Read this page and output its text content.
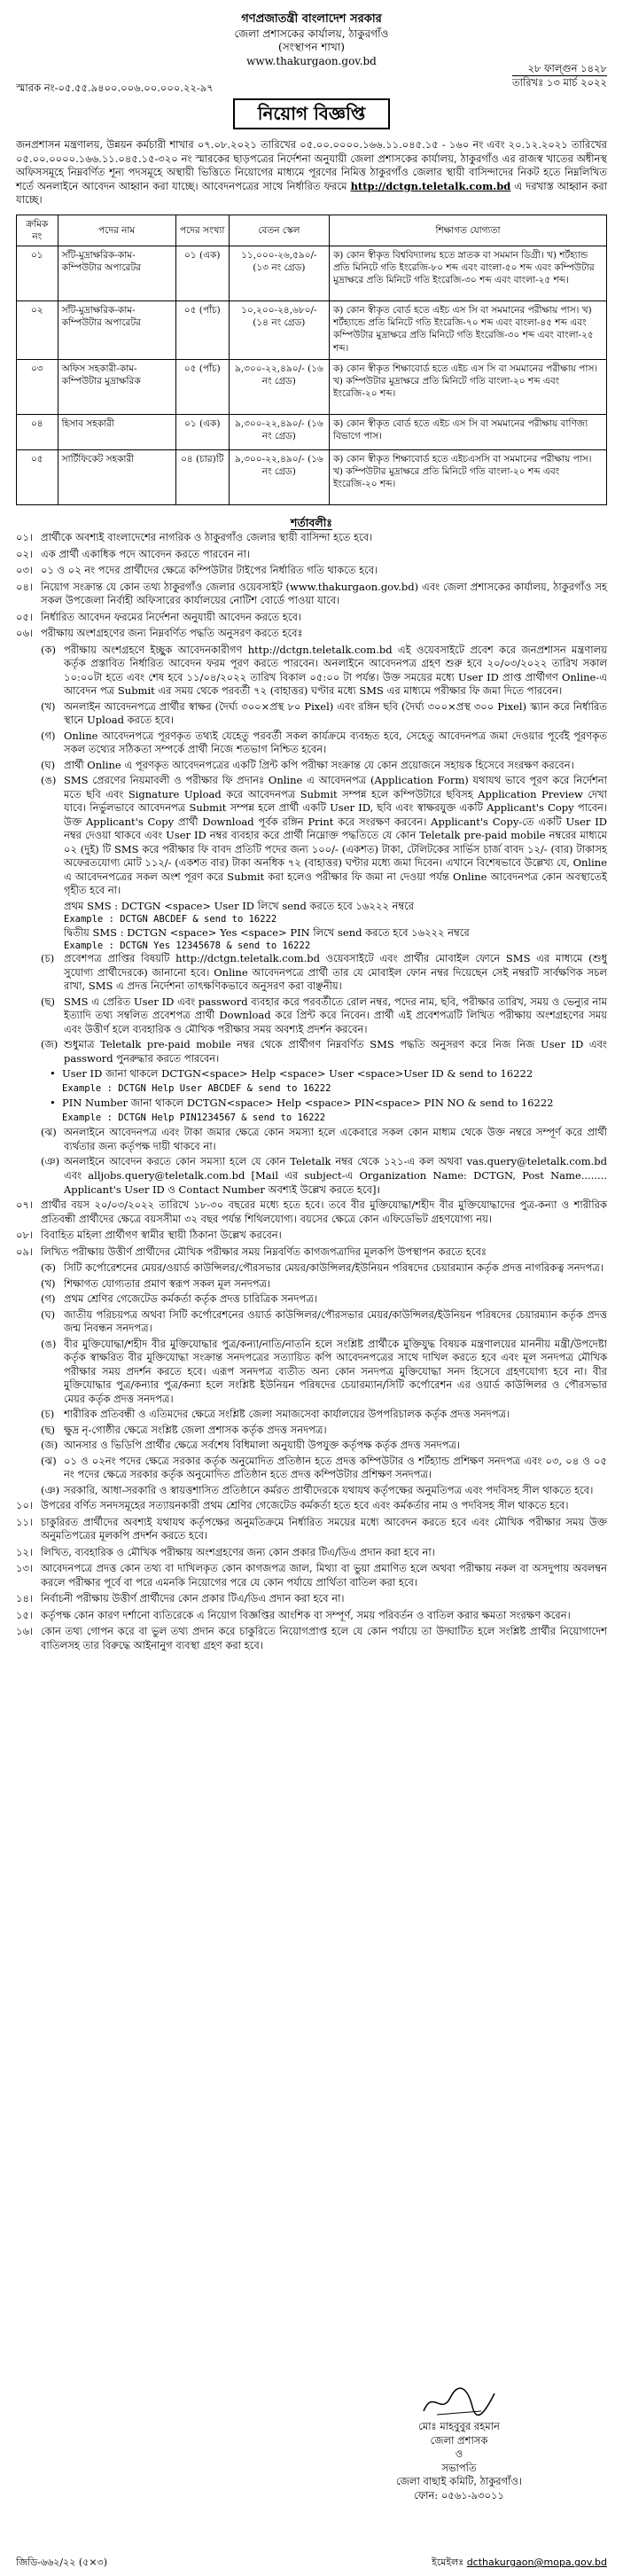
গণপ্রজাতন্ত্রী বাংলাদেশ সরকার
জেলা প্রশাসকের কার্যালয়, ঠাকুরগাঁও
(সংস্থাপন শাখা)
www.thakurgaon.gov.bd
২৮ ফাল্গুন ১৪২৮
তারিখঃ ১৩ মার্চ ২০২২
স্মারক নং-০৫.৫৫.৯৪০০.০০৬.০০.০০০.২২-৯৭
নিয়োগ বিজ্ঞপ্তি

জনপ্রশাসন মন্ত্রণালয়, উন্নয়ন কর্মচারী শাখার ০৭.০৮.২০২১ তারিখের ০৫.০০.০০০০.১৬৬.১১.০৪৫.১৫ - ১৬০ নং এবং ২০.১২.২০২১ তারিখের ০৫.০০.০০০০.১৬৬.১১.০৪৫.১৫-৩২০ নং স্মারকের ছাড়পত্রের নির্দেশনা অনুযায়ী জেলা প্রশাসকের কার্যালয়, ঠাকুরগাঁও এর রাজস্ব খাতের অধীনস্থ অফিসসমূহে নিম্নবর্ণিত শূন্য পদসমূহে অস্থায়ী ভিত্তিতে নিয়োগের মাধ্যমে পূরণের নিমিত্ত ঠাকুরগাঁও জেলার স্থায়ী বাসিন্দাদের নিকট হতে নিম্নলিখিত শর্তে অনলাইনে আবেদন আহ্বান করা যাচ্ছে। আবেদনপত্রের সাথে নির্ধারিত ফরমে http://dctgn.teletalk.com.bd এ দরখাস্ত আহ্বান করা যাচ্ছে।

ক্রমিক নং	পদের নাম	পদের সংখ্যা	বেতন স্কেল	শিক্ষাগত যোগ্যতা
০১	সাঁট-মুদ্রাক্ষরিক-কাম-কম্পিউটার অপারেটর	০১ (এক)	১১,০০০-২৬,৫৯০/- (১৩ নং গ্রেড)	ক) কোন স্বীকৃত বিশ্ববিদ্যালয় হতে স্নাতক বা সমমান ডিগ্রী। খ) শর্টহ্যান্ড প্রতি মিনিটে গতি ইংরেজি-৮০ শব্দ এবং বাংলা-৫০ শব্দ এবং কম্পিউটার মুদ্রাক্ষরে প্রতি মিনিটে গতি ইংরেজি-৩০ শব্দ এবং বাংলা-২৫ শব্দ।
০২	সাঁট-মুদ্রাক্ষরিক-কাম-কম্পিউটার অপারেটর	০৫ (পাঁচ)	১০,২০০-২৪,৬৮০/- (১৪ নং গ্রেড)	ক) কোন স্বীকৃত বোর্ড হতে এইচ এস সি বা সমমানের পরীক্ষায় পাস। খ) শর্টহ্যান্ডে প্রতি মিনিটে গতি ইংরেজি-৭০ শব্দ এবং বাংলা-৪৫ শব্দ এবং কম্পিউটার মুদ্রাক্ষরে প্রতি মিনিটে গতি ইংরেজি-৩০ শব্দ এবং বাংলা-২৫ শব্দ।
০৩	অফিস সহকারী-কাম-কম্পিউটার মুদ্রাক্ষরিক	০৫ (পাঁচ)	৯,৩০০-২২,৪৯০/- (১৬ নং গ্রেড)	ক) কোন স্বীকৃত শিক্ষাবোর্ড হতে এইচ এস সি বা সমমানের পরীক্ষায় পাস। খ) কম্পিউটার মুদ্রাক্ষরে প্রতি মিনিটে গতি বাংলা-২০ শব্দ এবং ইংরেজি-২০ শব্দ।
০৪	হিসাব সহকারী	০১ (এক)	৯,৩০০-২২,৪৯০/- (১৬ নং গ্রেড)	ক) কোন স্বীকৃত বোর্ড হতে এইচ এস সি বা সমমানের পরীক্ষায় বাণিজ্য বিভাগে পাস।
০৫	সার্টিফিকেট সহকারী	০৪ (চার)টি	৯,৩০০-২২,৪৯০/- (১৬ নং গ্রেড)	ক) কোন স্বীকৃত শিক্ষাবোর্ড হতে এইচএসসি বা সমমানের পরীক্ষায় পাস। খ) কম্পিউটার মুদ্রাক্ষরে প্রতি মিনিটে গতি বাংলা-২০ শব্দ এবং ইংরেজি-২০ শব্দ।
শর্তাবলীঃ
০১। প্রার্থীকে অবশ্যই বাংলাদেশের নাগরিক ও ঠাকুরগাঁও জেলার স্থায়ী বাসিন্দা হতে হবে।
০২। এক প্রার্থী একাধিক পদে আবেদন করতে পারবেন না।
০৩। ০১ ও ০২ নং পদের প্রার্থীদের ক্ষেত্রে কম্পিউটার টাইপের নির্ধারিত গতি থাকতে হবে।
০৪। নিয়োগ সংক্রান্ত যে কোন তথ্য ঠাকুরগাঁও জেলার ওয়েবসাইট (www.thakurgaon.gov.bd) এবং জেলা প্রশাসকের কার্যালয়, ঠাকুরগাঁও সহ সকল উপজেলা নির্বাহী অফিসারের কার্যালয়ের নোটিশ বোর্ডে পাওয়া যাবে।
০৫। নির্ধারিত আবেদন ফরমের নির্দেশনা অনুযায়ী আবেদন করতে হবে।
০৬। পরীক্ষায় অংশগ্রহণের জন্য নিম্নবর্ণিত পদ্ধতি অনুসরণ করতে হবেঃ
(ক) পরীক্ষায় অংশগ্রহণে ইচ্ছুক আবেদনকারীগণ http://dctgn.teletalk.com.bd এই ওয়েবসাইটে প্রবেশ করে জনপ্রশাসন মন্ত্রণালয় কর্তৃক প্রস্তাবিত নির্ধারিত আবেদন ফরম পূরণ করতে পারবেন। অনলাইনে আবেদনপত্র গ্রহণ শুরু হবে ২০/০৩/২০২২ তারিখ সকাল ১০:০০টা হতে এবং শেষ হবে ১১/০৪/২০২২ তারিখ বিকাল ০৫:০০ টা পর্যন্ত। উক্ত সময়ের মধ্যে User ID প্রাপ্ত প্রার্থীগণ Online-এ আবেদন পত্র Submit এর সময় থেকে পরবর্তী ৭২ (বাহাত্তর) ঘণ্টার মধ্যে SMS এর মাধ্যমে পরীক্ষার ফি জমা দিতে পারবেন।
(খ) অনলাইন আবেদনপত্রে প্রার্থীর স্বাক্ষর (দৈর্ঘ্য ৩০০×প্রস্থ ৮০ Pixel) এবং রঙ্গিন ছবি (দৈর্ঘ্য ৩০০×প্রস্থ ৩০০ Pixel) স্ক্যান করে নির্ধারিত স্থানে Upload করতে হবে।
(গ) Online আবেদনপত্রে পূরণকৃত তথ্যই যেহেতু পরবর্তী সকল কার্যক্রমে ব্যবহৃত হবে, সেহেতু আবেদনপত্র জমা দেওয়ার পূর্বেই পূরণকৃত সকল তথ্যের সঠিকতা সম্পর্কে প্রার্থী নিজে শতভাগ নিশ্চিত হবেন।
(ঘ) প্রার্থী Online এ পূরণকৃত আবেদনপত্রের একটি প্রিন্ট কপি পরীক্ষা সংক্রান্ত যে কোন প্রয়োজনে সহায়ক হিসেবে সংরক্ষণ করবেন।
(ঙ) SMS প্রেরণের নিয়মাবলী ও পরীক্ষার ফি প্রদানঃ Online এ আবেদনপত্র (Application Form) যথাযথ ভাবে পূরণ করে নির্দেশনা মতে ছবি এবং Signature Upload করে আবেদনপত্র Submit সম্পন্ন হলে কম্পিউটারে ছবিসহ Application Preview দেখা যাবে। নির্ভুলভাবে আবেদনপত্র Submit সম্পন্ন হলে প্রার্থী একটি User ID, ছবি এবং স্বাক্ষরযুক্ত একটি Applicant's Copy পাবেন। উক্ত Applicant's Copy প্রার্থী Download পূর্বক রঙ্গিন Print করে সংরক্ষণ করবেন। Applicant's Copy-তে একটি User ID নম্বর দেওয়া থাকবে এবং User ID নম্বর ব্যবহার করে প্রার্থী নিম্নোক্ত পদ্ধতিতে যে কোন Teletalk pre-paid mobile নম্বরের মাধ্যমে ০২ (দুই) টি SMS করে পরীক্ষার ফি বাবদ প্রতিটি পদের জন্য ১০০/- (একশত) টাকা, টেলিটকের সার্ভিস চার্জ বাবদ ১২/- (বার) টাকাসহ অফেরতযোগ্য মোট ১১২/- (একশত বার) টাকা অনধিক ৭২ (বাহাত্তর) ঘণ্টার মধ্যে জমা দিবেন। এখানে বিশেষভাবে উল্লেখ্য যে, Online এ আবেদনপত্রের সকল অংশ পূরণ করে Submit করা হলেও পরীক্ষার ফি জমা না দেওয়া পর্যন্ত Online আবেদনপত্র কোন অবস্থাতেই গৃহীত হবে না।
প্রথম SMS : DCTGN <space> User ID লিখে send করতে হবে ১৬২২২ নম্বরে
Example : DCTGN ABCDEF & send to 16222
দ্বিতীয় SMS : DCTGN <space> Yes <space> PIN লিখে send করতে হবে ১৬২২২ নম্বরে
Example : DCTGN Yes 12345678 & send to 16222
(চ) প্রবেশপত্র প্রাপ্তির বিষয়টি http://dctgn.teletalk.com.bd ওয়েবসাইটে এবং প্রার্থীর মোবাইল ফোনে SMS এর মাধ্যমে (শুধু সুযোগ্য প্রার্থীদেরকে) জানানো হবে। Online আবেদনপত্রে প্রার্থী তার যে মোবাইল ফোন নম্বর দিয়েছেন সেই নম্বরটি সার্বক্ষণিক সচল রাখা, SMS এ প্রদত্ত নির্দেশনা তাৎক্ষণিকভাবে অনুসরণ করা বাঞ্ছনীয়।
(ছ) SMS এ প্রেরিত User ID এবং password ব্যবহার করে পরবর্তীতে রোল নম্বর, পদের নাম, ছবি, পরীক্ষার তারিখ, সময় ও ভেন্যুর নাম ইত্যাদি তথ্য সম্বলিত প্রবেশপত্র প্রার্থী Download করে প্রিন্ট করে নিবেন। প্রার্থী এই প্রবেশপত্রটি লিখিত পরীক্ষায় অংশগ্রহণের সময় এবং উত্তীর্ণ হলে ব্যবহারিক ও মৌখিক পরীক্ষার সময় অবশ্যই প্রদর্শন করবেন।
(জ) শুধুমাত্র Teletalk pre-paid mobile নম্বর থেকে প্রার্থীগণ নিম্নবর্ণিত SMS পদ্ধতি অনুসরণ করে নিজ নিজ User ID এবং password পুনরুদ্ধার করতে পারবেন।
• User ID জানা থাকলে DCTGN<space> Help <space> User <space>User ID & send to 16222
Example : DCTGN Help User ABCDEF & send to 16222
• PIN Number জানা থাকলে DCTGN<space> Help <space> PIN<space> PIN NO & send to 16222
Example : DCTGN Help PIN1234567 & send to 16222
(ঝ) অনলাইনে আবেদনপত্র এবং টাকা জমার ক্ষেত্রে কোন সমস্যা হলে একেবারে সকল কোন মাধ্যম থেকে উক্ত নম্বরে সম্পূর্ণ করে প্রার্থী ব্যর্থতার জন্য কর্তৃপক্ষ দায়ী থাকবে না।
(ঞ) অনলাইনে আবেদন করতে কোন সমস্যা হলে যে কোন Teletalk নম্বর থেকে ১২১-এ কল অথবা vas.query@teletalk.com.bd এবং alljobs.query@teletalk.com.bd [Mail এর subject-এ Organization Name: DCTGN, Post Name........ Applicant's User ID ও Contact Number অবশ্যই উল্লেখ করতে হবে]।
০৭। প্রার্থীর বয়স ২০/০৩/২০২২ তারিখে ১৮-৩০ বছরের মধ্যে হতে হবে। তবে বীর মুক্তিযোদ্ধা/শহীদ বীর মুক্তিযোদ্ধাদের পুত্র-কন্যা ও শারীরিক প্রতিবন্ধী প্রার্থীদের ক্ষেত্রে বয়সসীমা ৩২ বছর পর্যন্ত শিথিলযোগ্য। বয়সের ক্ষেত্রে কোন এফিডেভিট গ্রহণযোগ্য নয়।
০৮। বিবাহিত মহিলা প্রার্থীগণ স্বামীর স্থায়ী ঠিকানা উল্লেখ করবেন।
০৯। লিখিত পরীক্ষায় উত্তীর্ণ প্রার্থীদের মৌখিক পরীক্ষার সময় নিম্নবর্ণিত কাগজপত্রাদির মূলকপি উপস্থাপন করতে হবেঃ
(ক) সিটি কর্পোরেশনের মেয়র/ওয়ার্ড কাউন্সিলর/পৌরসভার মেয়র/কাউন্সিলর/ইউনিয়ন পরিষদের চেয়ারম্যান কর্তৃক প্রদত্ত নাগরিকত্ব সনদপত্র।
(খ) শিক্ষাগত যোগ্যতার প্রমাণ স্বরূপ সকল মূল সনদপত্র।
(গ) প্রথম শ্রেণির গেজেটেড কর্মকর্তা কর্তৃক প্রদত্ত চারিত্রিক সনদপত্র।
(ঘ) জাতীয় পরিচয়পত্র অথবা সিটি কর্পোরেশনের ওয়ার্ড কাউন্সিলর/পৌরসভার মেয়র/কাউন্সিলর/ইউনিয়ন পরিষদের চেয়ারম্যান কর্তৃক প্রদত্ত জন্ম নিবন্ধন সনদপত্র।
(ঙ) বীর মুক্তিযোদ্ধা/শহীদ বীর মুক্তিযোদ্ধার পুত্র/কন্যা/নাতি/নাতনি হলে সংশ্লিষ্ট প্রার্থীকে মুক্তিযুদ্ধ বিষয়ক মন্ত্রণালয়ের মাননীয় মন্ত্রী/উপদেষ্টা কর্তৃক স্বাক্ষরিত বীর মুক্তিযোদ্ধা সংক্রান্ত সনদপত্রের সত্যায়িত কপি আবেদনপত্রের সাথে দাখিল করতে হবে এবং মূল সনদপত্র মৌখিক পরীক্ষার সময় প্রদর্শন করতে হবে। এরূপ সনদপত্র ব্যতীত অন্য কোন সনদপত্র মুক্তিযোদ্ধা সনদ হিসেবে গ্রহণযোগ্য হবে না। বীর মুক্তিযোদ্ধার পুত্র/কন্যার পুত্র/কন্যা হলে সংশ্লিষ্ট ইউনিয়ন পরিষদের চেয়ারম্যান/সিটি কর্পোরেশন এর ওয়ার্ড কাউন্সিলর ও পৌরসভার মেয়র কর্তৃক প্রদত্ত সনদপত্র।
(চ) শারীরিক প্রতিবন্ধী ও এতিমদের ক্ষেত্রে সংশ্লিষ্ট জেলা সমাজসেবা কার্যালয়ের উপপরিচালক কর্তৃক প্রদত্ত সনদপত্র।
(ছ) ক্ষুদ্র নৃ-গোষ্ঠীর ক্ষেত্রে সংশ্লিষ্ট জেলা প্রশাসক কর্তৃক প্রদত্ত সনদপত্র।
(জ) আনসার ও ভিডিপি প্রার্থীর ক্ষেত্রে সর্বশেষ বিধিমালা অনুযায়ী উপযুক্ত কর্তৃপক্ষ কর্তৃক প্রদত্ত সনদপত্র।
(ঝ) ০১ ও ০২নং পদের ক্ষেত্রে সরকার কর্তৃক অনুমোদিত প্রতিষ্ঠান হতে প্রদত্ত কম্পিউটার ও শর্টহ্যান্ড প্রশিক্ষণ সনদপত্র এবং ০৩, ০৪ ও ০৫ নং পদের ক্ষেত্রে সরকার কর্তৃক অনুমোদিত প্রতিষ্ঠান হতে প্রদত্ত কম্পিউটার প্রশিক্ষণ সনদপত্র।
(ঞ) সরকারি, আধা-সরকারি ও স্বায়ত্তশাসিত প্রতিষ্ঠানে কর্মরত প্রার্থীদেরকে যথাযথ কর্তৃপক্ষের অনুমতিপত্র এবং পদবিসহ সীল থাকতে হবে।
১০। উপরের বর্ণিত সনদসমূহের সত্যায়নকারী প্রথম শ্রেণির গেজেটেড কর্মকর্তা হতে হবে এবং কর্মকর্তার নাম ও পদবিসহ সীল থাকতে হবে।
১১। চাকুরিরত প্রার্থীদের অবশ্যই যথাযথ কর্তৃপক্ষের অনুমতিক্রমে নির্ধারিত সময়ের মধ্যে আবেদন করতে হবে এবং মৌখিক পরীক্ষার সময় উক্ত অনুমতিপত্রের মূলকপি প্রদর্শন করতে হবে।
১২। লিখিত, ব্যবহারিক ও মৌখিক পরীক্ষায় অংশগ্রহণের জন্য কোন প্রকার টিএ/ডিএ প্রদান করা হবে না।
১৩। আবেদনপত্রে প্রদত্ত কোন তথ্য বা দাখিলকৃত কোন কাগজপত্র জাল, মিথ্যা বা ভুয়া প্রমাণিত হলে অথবা পরীক্ষায় নকল বা অসদুপায় অবলম্বন করলে পরীক্ষার পূর্বে বা পরে এমনকি নিয়োগের পরে যে কোন পর্যায়ে প্রার্থিতা বাতিল করা হবে।
১৪। নির্বাচনী পরীক্ষায় উত্তীর্ণ প্রার্থীদের কোন প্রকার টিএ/ডিএ প্রদান করা হবে না।
১৫। কর্তৃপক্ষ কোন কারণ দর্শানো ব্যতিরেকে এ নিয়োগ বিজ্ঞপ্তির আংশিক বা সম্পূর্ণ, সময় পরিবর্তন ও বাতিল করার ক্ষমতা সংরক্ষণ করেন।
১৬। কোন তথ্য গোপন করে বা ভুল তথ্য প্রদান করে চাকুরিতে নিয়োগপ্রাপ্ত হলে যে কোন পর্যায়ে তা উদ্ঘাটিত হলে সংশ্লিষ্ট প্রার্থীর নিয়োগাদেশ বাতিলসহ তার বিরুদ্ধে আইনানুগ ব্যবস্থা গ্রহণ করা হবে।
মোঃ মাহবুবুর রহমান
জেলা প্রশাসক
ও
সভাপতি
জেলা বাছাই কমিটি, ঠাকুরগাঁও।
ফোন: ০৫৬১-৯৩০১১
জিডি-৬৬২/২২ (৫×৩)	ইমেইলঃ dcthakurgaon@mopa.gov.bd
